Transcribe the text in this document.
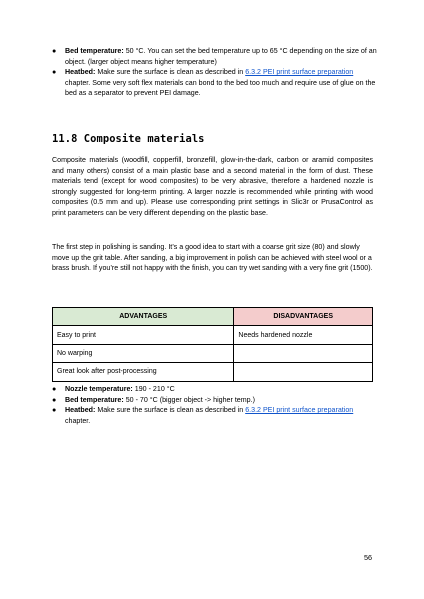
● Bed temperature: 50 °C. You can set the bed temperature up to 65 °C depending on the size of an object. (larger object means higher temperature)
● Heatbed: Make sure the surface is clean as described in 6.3.2 PEI print surface preparation chapter. Some very soft flex materials can bond to the bed too much and require use of glue on the bed as a separator to prevent PEI damage.
11.8 Composite materials

Composite materials (woodfill, copperfill, bronzefill, glow-in-the-dark, carbon or aramid composites and many others) consist of a main plastic base and a second material in the form of dust. These materials tend (except for wood composites) to be very abrasive, therefore a hardened nozzle is strongly suggested for long-term printing. A larger nozzle is recommended while printing with wood composites (0.5 mm and up). Please use corresponding print settings in Slic3r or PrusaControl as print parameters can be very different depending on the plastic base.

The first step in polishing is sanding. It’s a good idea to start with a coarse grit size (80) and slowly move up the grit table. After sanding, a big improvement in polish can be achieved with steel wool or a brass brush. If you’re still not happy with the finish, you can try wet sanding with a very fine grit (1500).

ADVANTAGES	DISADVANTAGES
Easy to print	Needs hardened nozzle
No warping	
Great look after post-processing	
● Nozzle temperature: 190 - 210 °C
● Bed temperature: 50 - 70 °C (bigger object -> higher temp.)
● Heatbed: Make sure the surface is clean as described in 6.3.2 PEI print surface preparation chapter.
56
